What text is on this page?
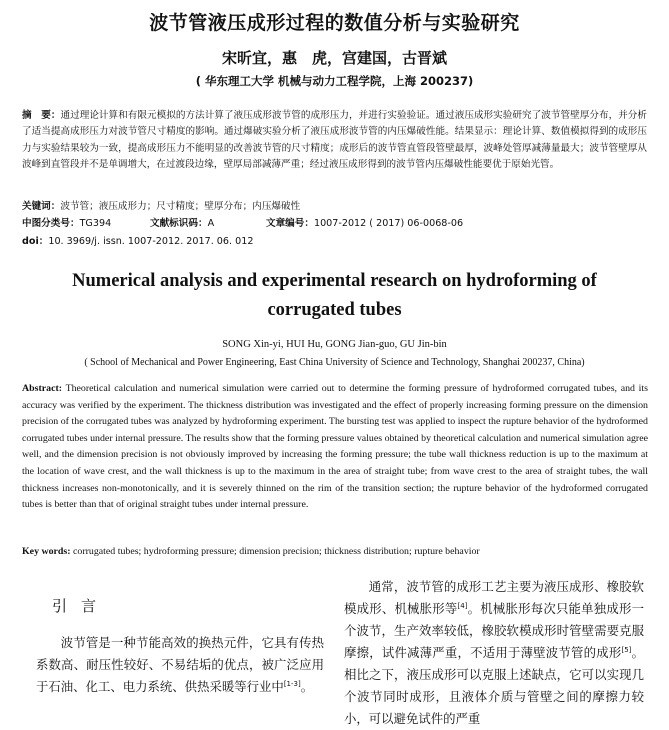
波节管液压成形过程的数值分析与实验研究
宋昕宜，惠　虎，宫建国，古晋斌
( 华东理工大学 机械与动力工程学院，上海 200237)
摘　要：通过理论计算和有限元模拟的方法计算了液压成形波节管的成形压力，并进行实验验证。通过液压成形实验研究了波节管壁厚分布，并分析了适当提高成形压力对波节管尺寸精度的影响。通过爆破实验分析了液压成形波节管的内压爆破性能。结果显示：理论计算、数值模拟得到的成形压力与实验结果较为一致，提高成形压力不能明显的改善波节管的尺寸精度；成形后的波节管直管段管壁最厚，波峰处管厚减薄量最大；波节管壁厚从波峰到直管段并不是单调增大，在过渡段边缘，壁厚局部减薄严重；经过液压成形得到的波节管内压爆破性能要优于原始光管。
关键词：波节管；液压成形力；尺寸精度；壁厚分布；内压爆破性
中图分类号：TG394	文献标识码：A	文章编号：1007-2012 ( 2017) 06-0068-06
doi：10. 3969/j. issn. 1007-2012. 2017. 06. 012
Numerical analysis and experimental research on hydroforming of
corrugated tubes
SONG Xin-yi, HUI Hu, GONG Jian-guo, GU Jin-bin
( School of Mechanical and Power Engineering, East China University of Science and Technology, Shanghai 200237, China)
Abstract: Theoretical calculation and numerical simulation were carried out to determine the forming pressure of hydroformed corrugated tubes, and its accuracy was verified by the experiment. The thickness distribution was investigated and the effect of properly increasing forming pressure on the dimension precision of the corrugated tubes was analyzed by hydroforming experiment. The bursting test was applied to inspect the rupture behavior of the hydroformed corrugated tubes under internal pressure. The results show that the forming pressure values obtained by theoretical calculation and numerical simulation agree well, and the dimension precision is not obviously improved by increasing the forming pressure; the tube wall thickness reduction is up to the maximum at the location of wave crest, and the wall thickness is up to the maximum in the area of straight tube; from wave crest to the area of straight tubes, the wall thickness increases non-monotonically, and it is severely thinned on the rim of the transition section; the rupture behavior of the hydroformed corrugated tubes is better than that of original straight tubes under internal pressure.
Key words: corrugated tubes; hydroforming pressure; dimension precision; thickness distribution; rupture behavior
引言

波节管是一种节能高效的换热元件，它具有传热系数高、耐压性较好、不易结垢的优点，被广泛应用于石油、化工、电力系统、供热采暖等行业中[1-3]。

通常，波节管的成形工艺主要为液压成形、橡胶软模成形、机械胀形等[4]。机械胀形每次只能单独成形一个波节，生产效率较低，橡胶软模成形时管壁需要克服摩擦，试件减薄严重，不适用于薄壁波节管的成形[5]。相比之下，液压成形可以克服上述缺点，它可以实现几个波节同时成形，且液体介质与管壁之间的摩擦力较小，可以避免试件的严重
